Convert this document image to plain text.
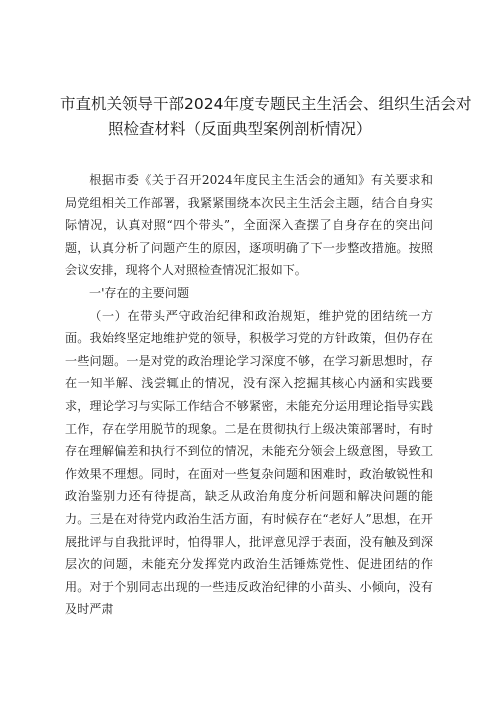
市直机关领导干部2024年度专题民主生活会、组织生活会对
照检查材料（反面典型案例剖析情况）

根据市委《关于召开2024年度民主生活会的通知》有关要求和局党组相关工作部署，我紧紧围绕本次民主生活会主题，结合自身实际情况，认真对照“四个带头”，全面深入查摆了自身存在的突出问题，认真分析了问题产生的原因，逐项明确了下一步整改措施。按照会议安排，现将个人对照检查情况汇报如下。

一'存在的主要问题

（一）在带头严守政治纪律和政治规矩，维护党的团结统一方面。我始终坚定地维护党的领导，积极学习党的方针政策，但仍存在一些问题。一是对党的政治理论学习深度不够，在学习新思想时，存在一知半解、浅尝辄止的情况，没有深入挖掘其核心内涵和实践要求，理论学习与实际工作结合不够紧密，未能充分运用理论指导实践工作，存在学用脱节的现象。二是在贯彻执行上级决策部署时，有时存在理解偏差和执行不到位的情况，未能充分领会上级意图，导致工作效果不理想。同时，在面对一些复杂问题和困难时，政治敏锐性和政治鉴别力还有待提高，缺乏从政治角度分析问题和解决问题的能力。三是在对待党内政治生活方面，有时候存在“老好人”思想，在开展批评与自我批评时，怕得罪人，批评意见浮于表面，没有触及到深层次的问题，未能充分发挥党内政治生活锤炼党性、促进团结的作用。对于个别同志出现的一些违反政治纪律的小苗头、小倾向，没有及时严肃
